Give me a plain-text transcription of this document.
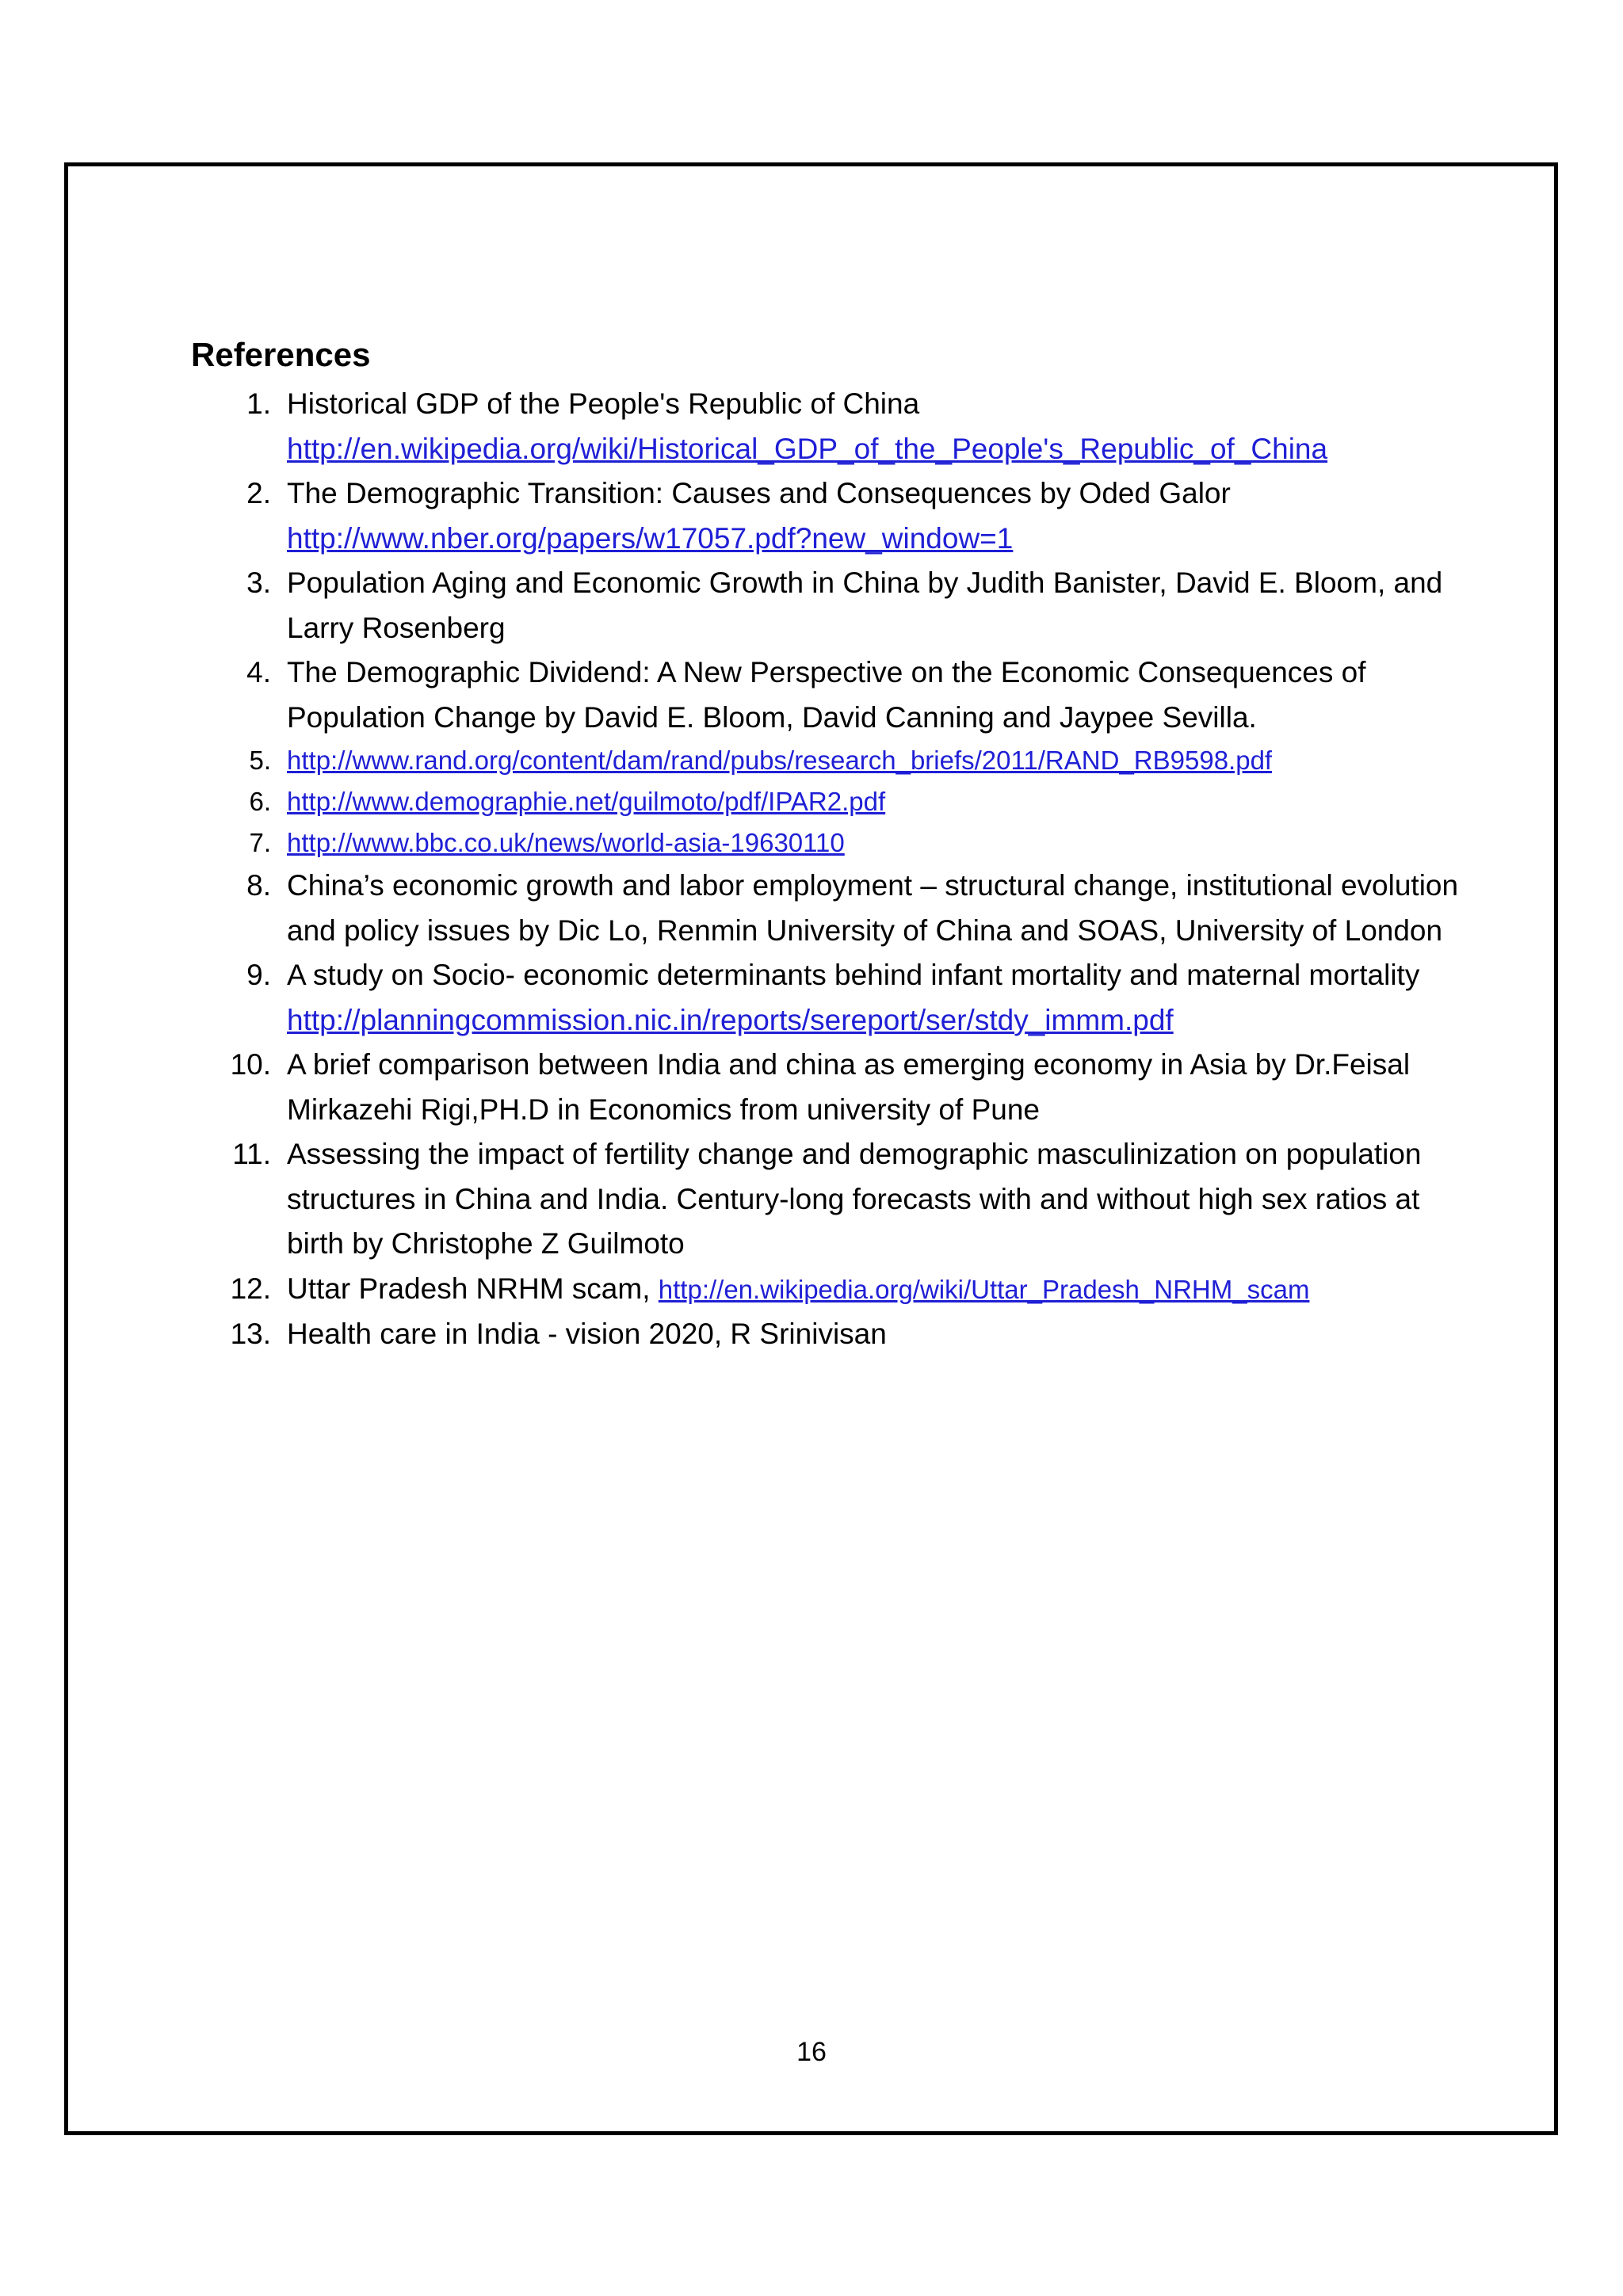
References
1. Historical GDP of the People's Republic of China
http://en.wikipedia.org/wiki/Historical_GDP_of_the_People's_Republic_of_China
2. The Demographic Transition: Causes and Consequences by Oded Galor
http://www.nber.org/papers/w17057.pdf?new_window=1
3. Population Aging and Economic Growth in China by Judith Banister, David E. Bloom, and Larry Rosenberg
4. The Demographic Dividend: A New Perspective on the Economic Consequences of Population Change by David E. Bloom, David Canning and Jaypee Sevilla.
5. http://www.rand.org/content/dam/rand/pubs/research_briefs/2011/RAND_RB9598.pdf
6. http://www.demographie.net/guilmoto/pdf/IPAR2.pdf
7. http://www.bbc.co.uk/news/world-asia-19630110
8. China’s economic growth and labor employment – structural change, institutional evolution and policy issues by Dic Lo, Renmin University of China and SOAS, University of London
9. A study on Socio- economic determinants behind infant mortality and maternal mortality http://planningcommission.nic.in/reports/sereport/ser/stdy_immm.pdf
10. A brief comparison between India and china as emerging economy in Asia by Dr.Feisal Mirkazehi Rigi,PH.D in Economics from university of Pune
11. Assessing the impact of fertility change and demographic masculinization on population structures in China and India. Century-long forecasts with and without high sex ratios at birth by Christophe Z Guilmoto
12. Uttar Pradesh NRHM scam, http://en.wikipedia.org/wiki/Uttar_Pradesh_NRHM_scam
13. Health care in India - vision 2020, R Srinivisan
16
